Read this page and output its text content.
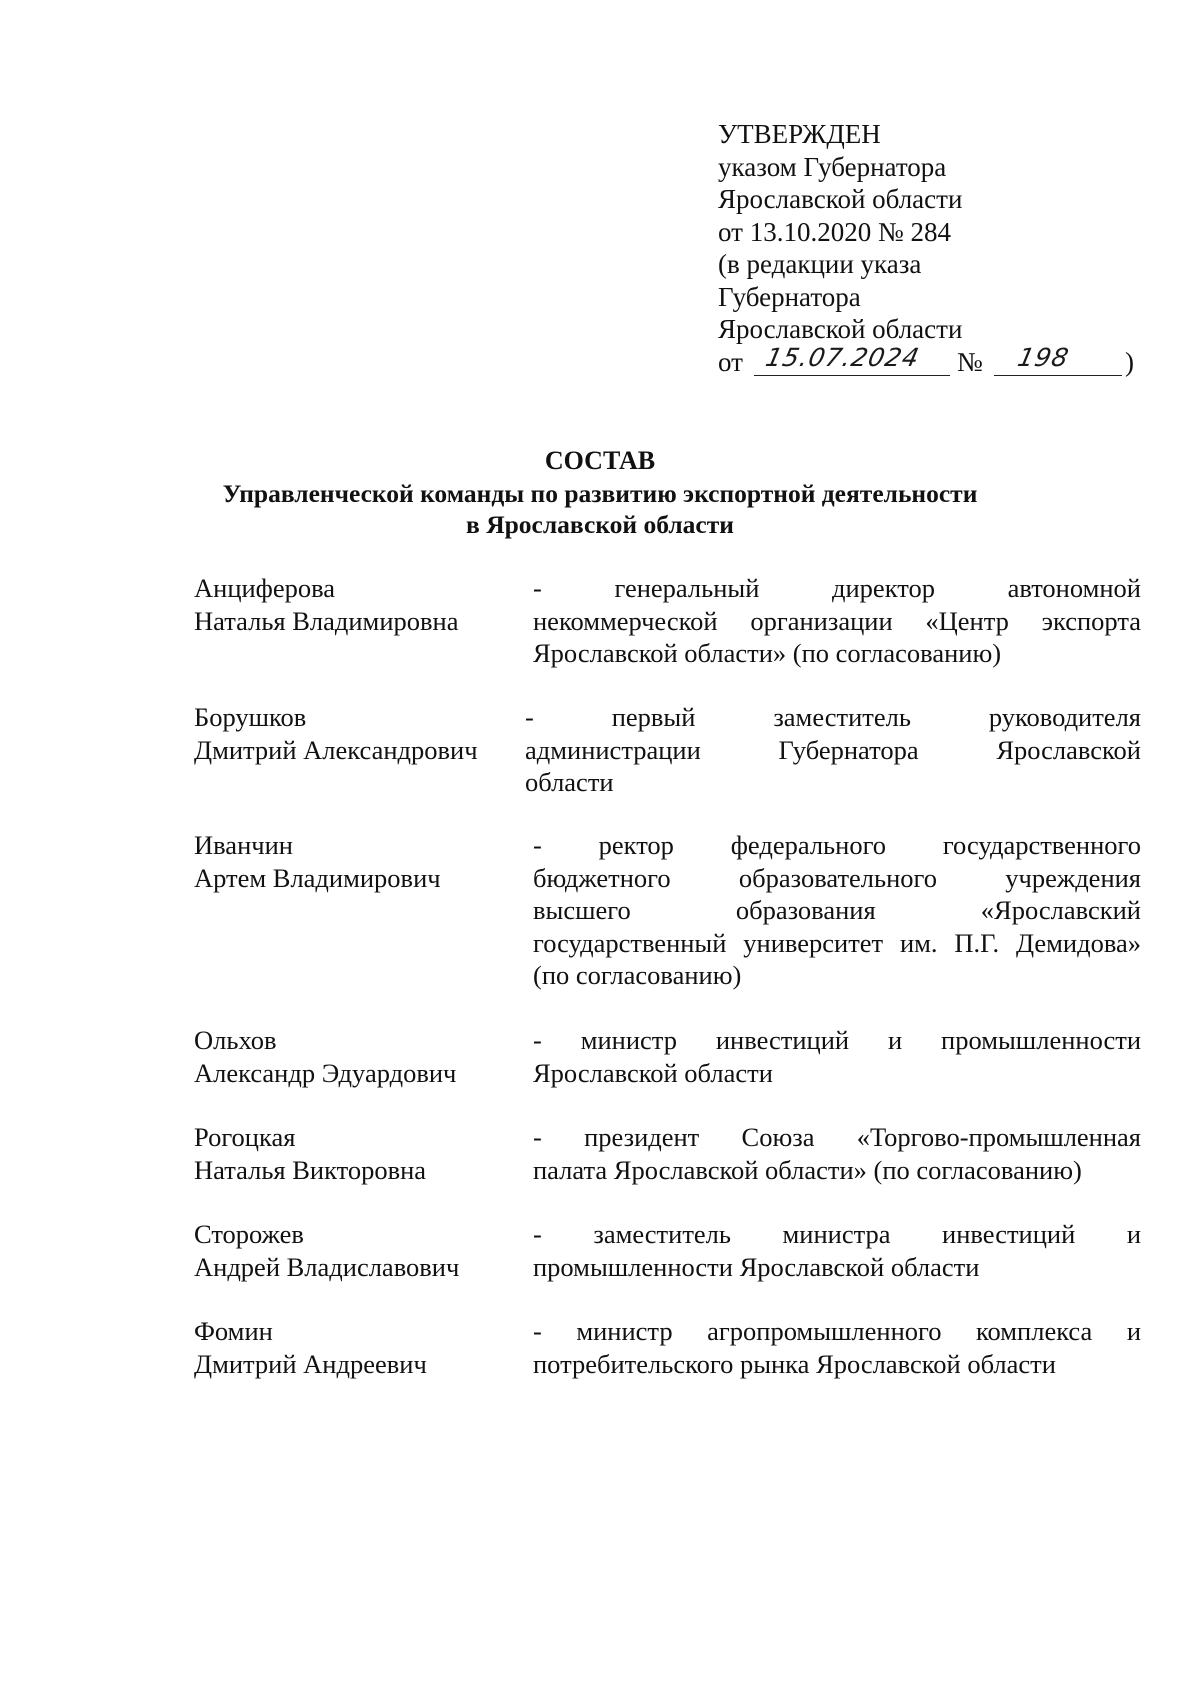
УТВЕРЖДЕН
указом Губернатора
Ярославской области
от 13.10.2020 № 284
(в редакции указа
Губернатора
Ярославской области
от 15.07.2024 № 198 )
СОСТАВ
Управленческой команды по развитию экспортной деятельности
в Ярославской области
Анциферова
Наталья Владимировна
- генеральный директор автономной
некоммерческой организации «Центр экспорта
Ярославской области» (по согласованию)
Борушков
Дмитрий Александрович
- первый заместитель руководителя
администрации Губернатора Ярославской
области
Иванчин
Артем Владимирович
- ректор федерального государственного
бюджетного образовательного учреждения
высшего образования «Ярославский
государственный университет им. П.Г. Демидова»
(по согласованию)
Ольхов
Александр Эдуардович
- министр инвестиций и промышленности
Ярославской области
Рогоцкая
Наталья Викторовна
- президент Союза «Торгово-промышленная
палата Ярославской области» (по согласованию)
Сторожев
Андрей Владиславович
- заместитель министра инвестиций и
промышленности Ярославской области
Фомин
Дмитрий Андреевич
- министр агропромышленного комплекса и
потребительского рынка Ярославской области
